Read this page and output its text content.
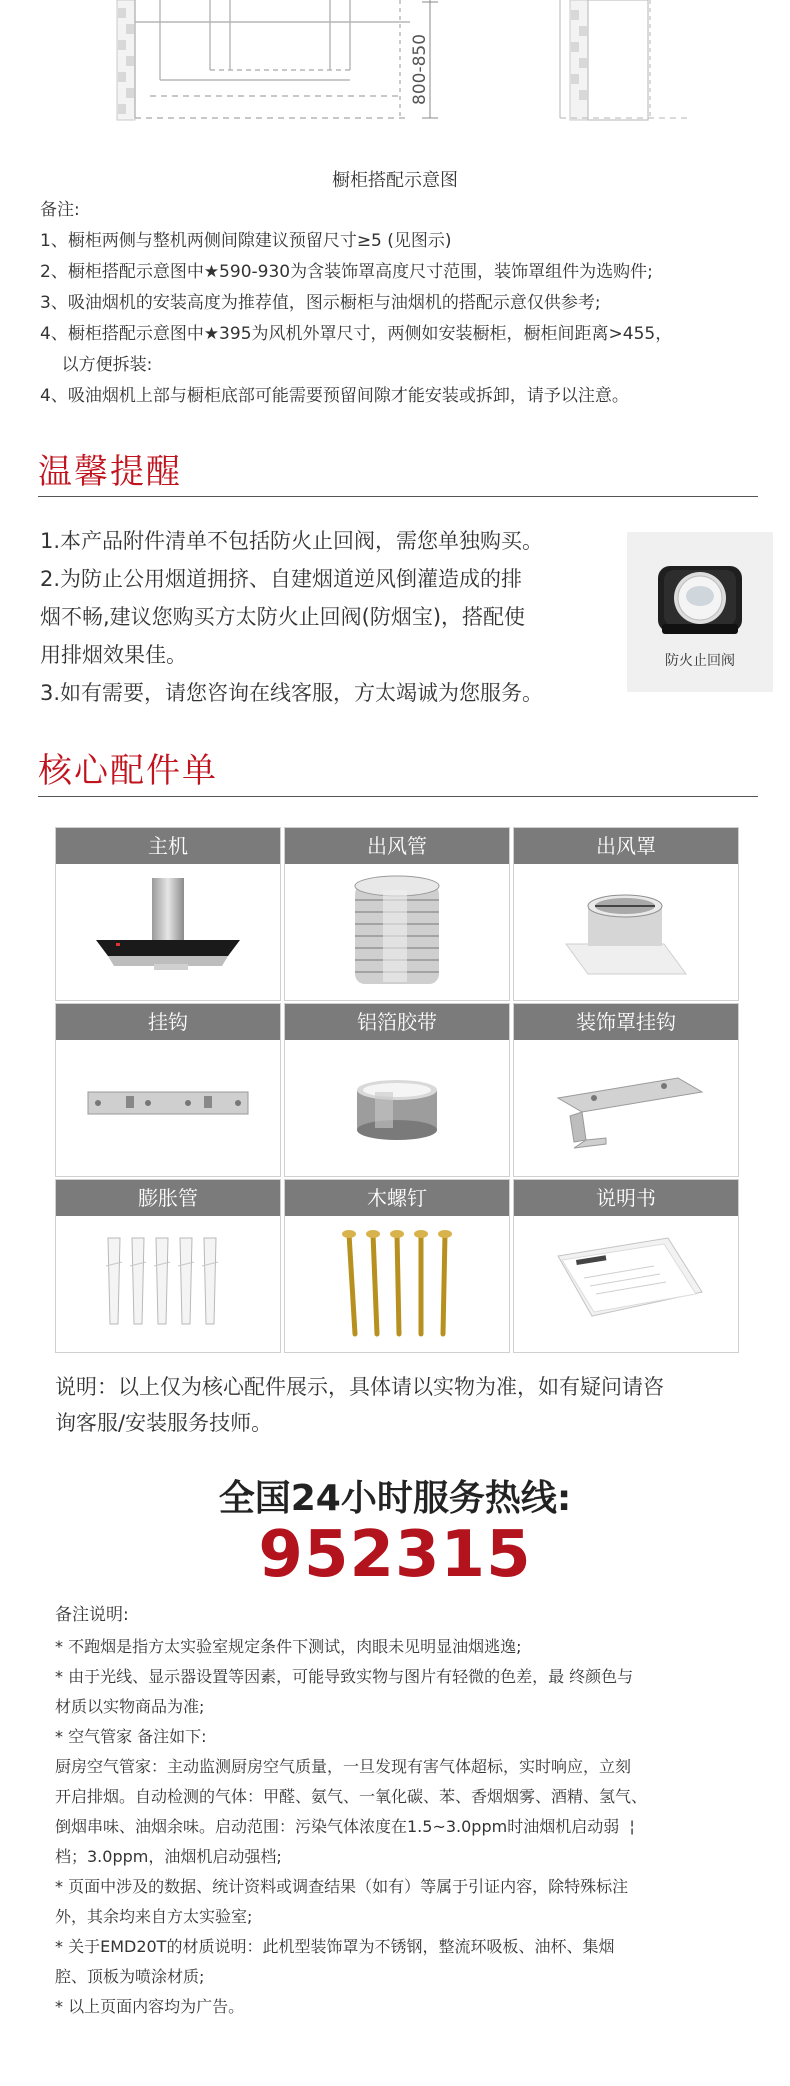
800-850
橱柜搭配示意图
备注:
1、橱柜两侧与整机两侧间隙建议预留尺寸≥5 (见图示)
2、橱柜搭配示意图中★590-930为含装饰罩高度尺寸范围，装饰罩组件为选购件;
3、吸油烟机的安装高度为推荐值，图示橱柜与油烟机的搭配示意仅供参考;
4、橱柜搭配示意图中★395为风机外罩尺寸，两侧如安装橱柜，橱柜间距离>455，
以方便拆装:
4、吸油烟机上部与橱柜底部可能需要预留间隙才能安装或拆卸，请予以注意。
温馨提醒
1.本产品附件清单不包括防火止回阀，需您单独购买。
2.为防止公用烟道拥挤、自建烟道逆风倒灌造成的排
烟不畅,建议您购买方太防火止回阀(防烟宝)，搭配使
用排烟效果佳。
3.如有需要，请您咨询在线客服，方太竭诚为您服务。
防火止回阀
核心配件单
主机	出风管	出风罩
挂钩	铝箔胶带	装饰罩挂钩
膨胀管	木螺钉	说明书
说明：以上仅为核心配件展示，具体请以实物为准，如有疑问请咨
询客服/安装服务技师。
全国24小时服务热线:
952315
备注说明:
* 不跑烟是指方太实验室规定条件下测试，肉眼未见明显油烟逃逸;
* 由于光线、显示器设置等因素，可能导致实物与图片有轻微的色差，最 终颜色与
材质以实物商品为准;
* 空气管家 备注如下:
厨房空气管家：主动监测厨房空气质量，一旦发现有害气体超标，实时响应，立刻
开启排烟。自动检测的气体：甲醛、氨气、一氧化碳、苯、香烟烟雾、酒精、氢气、
倒烟串味、油烟余味。启动范围：污染气体浓度在1.5~3.0ppm时油烟机启动弱  ¦
档；3.0ppm，油烟机启动强档;
* 页面中涉及的数据、统计资料或调查结果（如有）等属于引证内容，除特殊标注
外，其余均来自方太实验室;
* 关于EMD20T的材质说明：此机型装饰罩为不锈钢，整流环吸板、油杯、集烟
腔、顶板为喷涂材质;
* 以上页面内容均为广告。
